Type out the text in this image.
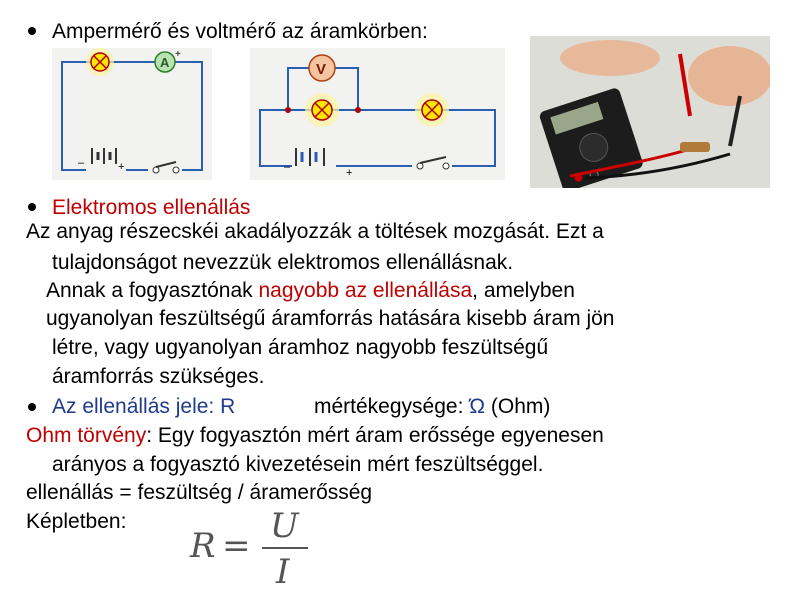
Ampermérő és voltmérő az áramkörben:
A
+
–	+
V
–	+
Elektromos ellenállás
Az anyag részecskéi akadályozzák a töltések mozgását. Ezt a
tulajdonságot nevezzük elektromos ellenállásnak.
Annak a fogyasztónak nagyobb az ellenállása, amelyben
ugyanolyan feszültségű áramforrás hatására kisebb áram jön
létre, vagy ugyanolyan áramhoz nagyobb feszültségű
áramforrás szükséges.
Az ellenállás jele: R	mértékegysége: Ώ (Ohm)
Ohm törvény: Egy fogyasztón mért áram erőssége egyenesen
arányos a fogyasztó kivezetésein mért feszültséggel.
ellenállás = feszültség / áramerősség
Képletben:
R = U
I
